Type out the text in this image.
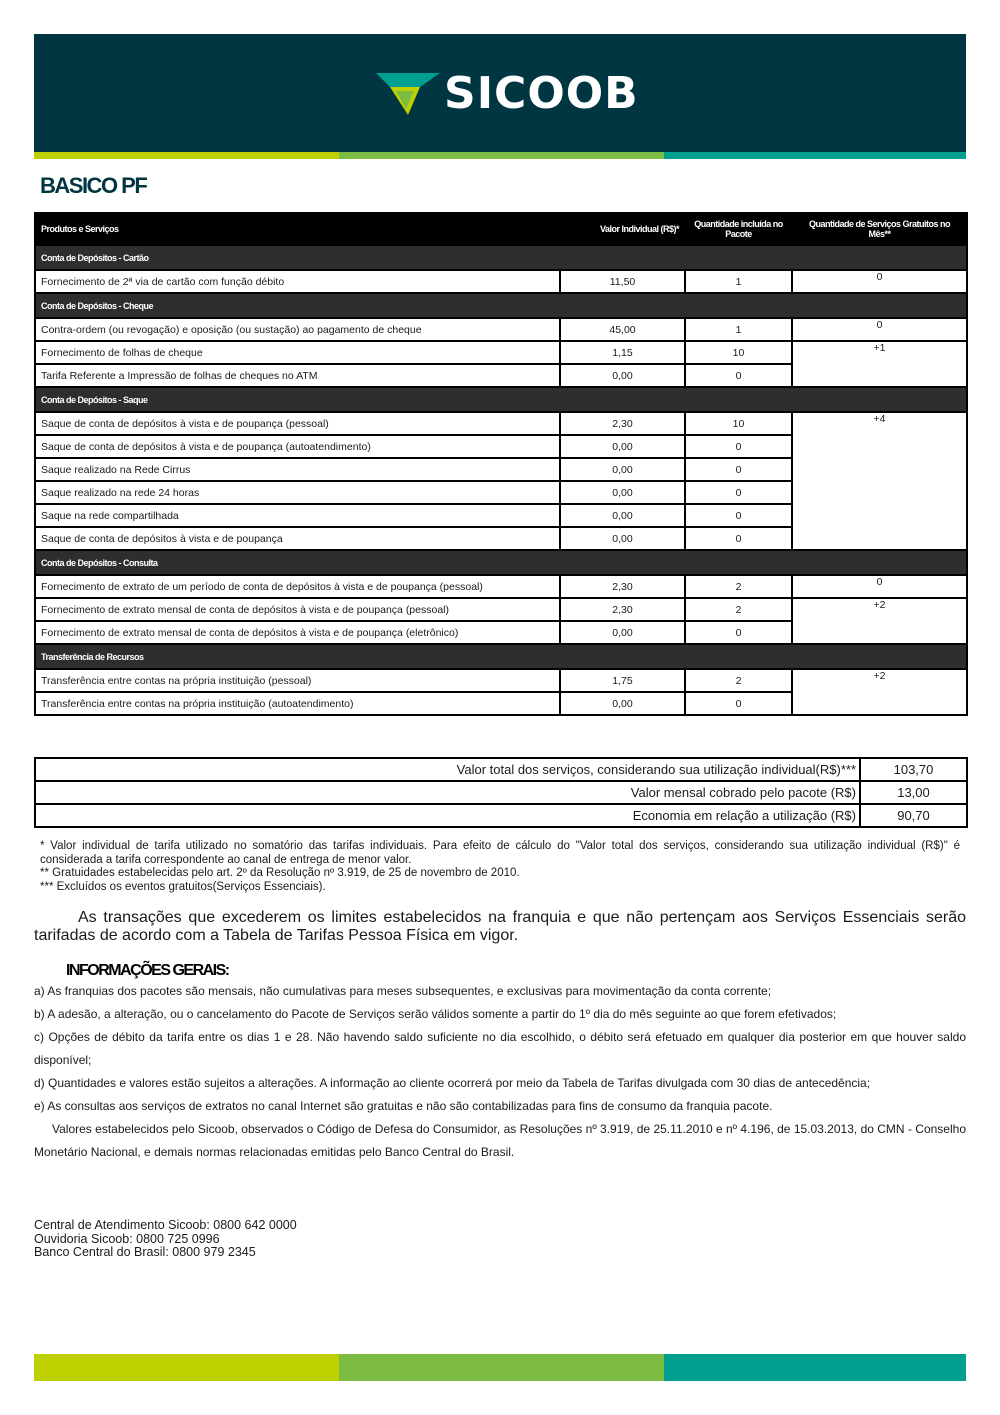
SICOOB
BASICO PF
Produtos e Serviços	Valor Individual (R$)*	Quantidade incluída no Pacote	Quantidade de Serviços Gratuitos no Mês**
Conta de Depósitos - Cartão			
Fornecimento de 2ª via de cartão com função débito	11,50	1	0
Conta de Depósitos - Cheque			
Contra-ordem (ou revogação) e oposição (ou sustação) ao pagamento de cheque	45,00	1	0
Fornecimento de folhas de cheque	1,15	10	+1
Tarifa Referente a Impressão de folhas de cheques no ATM	0,00	0	
Conta de Depósitos - Saque			
Saque de conta de depósitos à vista e de poupança (pessoal)	2,30	10	+4
Saque de conta de depósitos à vista e de poupança (autoatendimento)	0,00	0	
Saque realizado na Rede Cirrus	0,00	0	
Saque realizado na rede 24 horas	0,00	0	
Saque na rede compartilhada	0,00	0	
Saque de conta de depósitos à vista e de poupança	0,00	0	
Conta de Depósitos - Consulta			
Fornecimento de extrato de um período de conta de depósitos à vista e de poupança (pessoal)	2,30	2	0
Fornecimento de extrato mensal de conta de depósitos à vista e de poupança (pessoal)	2,30	2	+2
Fornecimento de extrato mensal de conta de depósitos à vista e de poupança (eletrônico)	0,00	0	
Transferência de Recursos			
Transferência entre contas na própria instituição (pessoal)	1,75	2	+2
Transferência entre contas na própria instituição (autoatendimento)	0,00	0	
Valor total dos serviços, considerando sua utilização individual(R$)***	103,70
Valor mensal cobrado pelo pacote (R$)	13,00
Economia em relação a utilização (R$)	90,70

* Valor individual de tarifa utilizado no somatório das tarifas individuais. Para efeito de cálculo do "Valor total dos serviços, considerando sua utilização individual (R$)" é considerada a tarifa correspondente ao canal de entrega de menor valor.

** Gratuidades estabelecidas pelo art. 2º da Resolução nº 3.919, de 25 de novembro de 2010.

*** Excluídos os eventos gratuitos(Serviços Essenciais).

As transações que excederem os limites estabelecidos na franquia e que não pertençam aos Serviços Essenciais serão tarifadas de acordo com a Tabela de Tarifas Pessoa Física em vigor.

INFORMAÇÕES GERAIS:

a) As franquias dos pacotes são mensais, não cumulativas para meses subsequentes, e exclusivas para movimentação da conta corrente;

b) A adesão, a alteração, ou o cancelamento do Pacote de Serviços serão válidos somente a partir do 1º dia do mês seguinte ao que forem efetivados;

c) Opções de débito da tarifa entre os dias 1 e 28. Não havendo saldo suficiente no dia escolhido, o débito será efetuado em qualquer dia posterior em que houver saldo disponível;

d) Quantidades e valores estão sujeitos a alterações. A informação ao cliente ocorrerá por meio da Tabela de Tarifas divulgada com 30 dias de antecedência;

e) As consultas aos serviços de extratos no canal Internet são gratuitas e não são contabilizadas para fins de consumo da franquia pacote.

Valores estabelecidos pelo Sicoob, observados o Código de Defesa do Consumidor, as Resoluções nº 3.919, de 25.11.2010 e nº 4.196, de 15.03.2013, do CMN - Conselho Monetário Nacional, e demais normas relacionadas emitidas pelo Banco Central do Brasil.

Central de Atendimento Sicoob: 0800 642 0000
Ouvidoria Sicoob: 0800 725 0996
Banco Central do Brasil: 0800 979 2345
